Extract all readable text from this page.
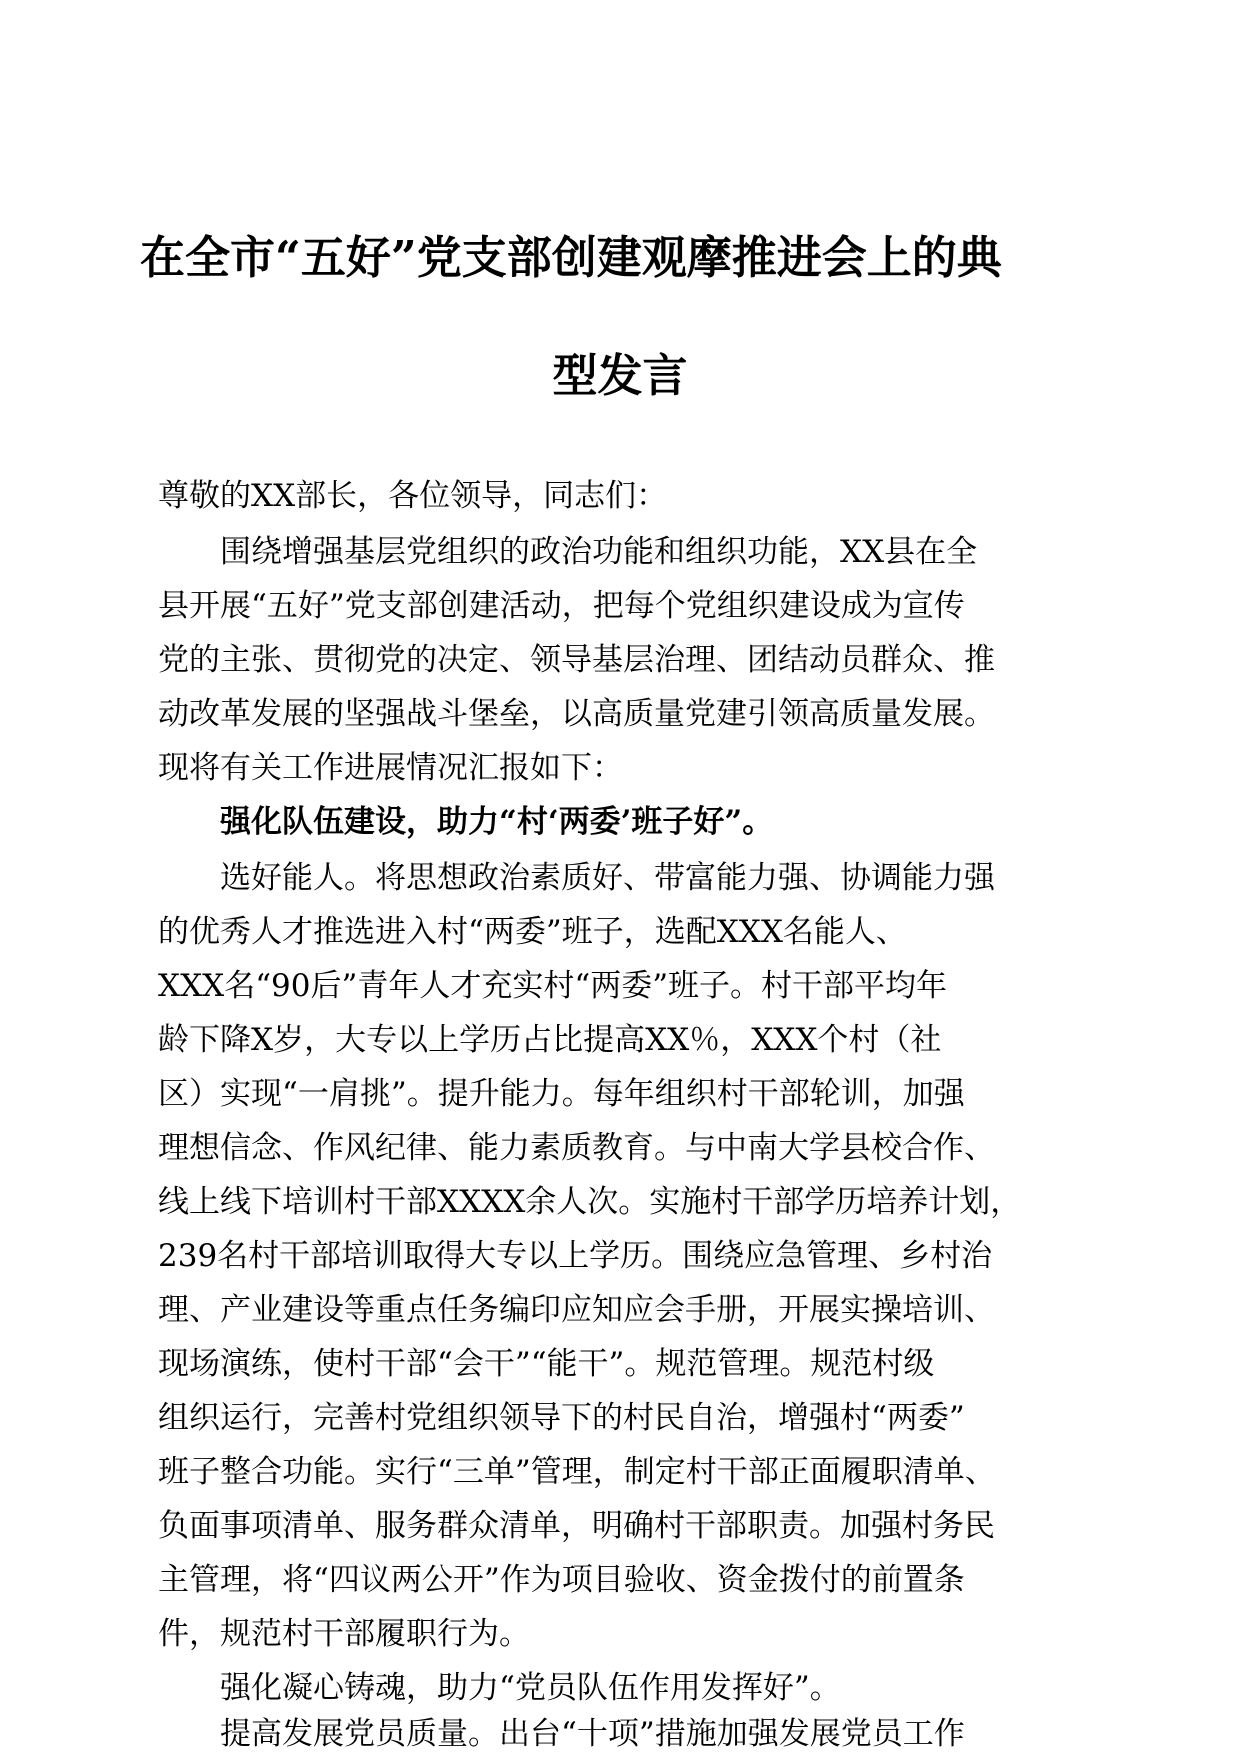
在全市“五好”党支部创建观摩推进会上的典
型发言

尊敬的XX部长，各位领导，同志们：

围绕增强基层党组织的政治功能和组织功能，XX县在全

县开展“五好”党支部创建活动，把每个党组织建设成为宣传

党的主张、贯彻党的决定、领导基层治理、团结动员群众、推

动改革发展的坚强战斗堡垒，以高质量党建引领高质量发展。

现将有关工作进展情况汇报如下：

强化队伍建设，助力“村‘两委’班子好”。

选好能人。将思想政治素质好、带富能力强、协调能力强

的优秀人才推选进入村“两委”班子，选配XXX名能人、

XXX名“90后”青年人才充实村“两委”班子。村干部平均年

龄下降X岁，大专以上学历占比提高XX％，XXX个村（社

区）实现“一肩挑”。提升能力。每年组织村干部轮训，加强

理想信念、作风纪律、能力素质教育。与中南大学县校合作、

线上线下培训村干部XXXX余人次。实施村干部学历培养计划，

239名村干部培训取得大专以上学历。围绕应急管理、乡村治

理、产业建设等重点任务编印应知应会手册，开展实操培训、

现场演练，使村干部“会干”“能干”。规范管理。规范村级

组织运行，完善村党组织领导下的村民自治，增强村“两委”

班子整合功能。实行“三单”管理，制定村干部正面履职清单、

负面事项清单、服务群众清单，明确村干部职责。加强村务民

主管理，将“四议两公开”作为项目验收、资金拨付的前置条

件，规范村干部履职行为。

强化凝心铸魂，助力“党员队伍作用发挥好”。

提高发展党员质量。出台“十项”措施加强发展党员工作
